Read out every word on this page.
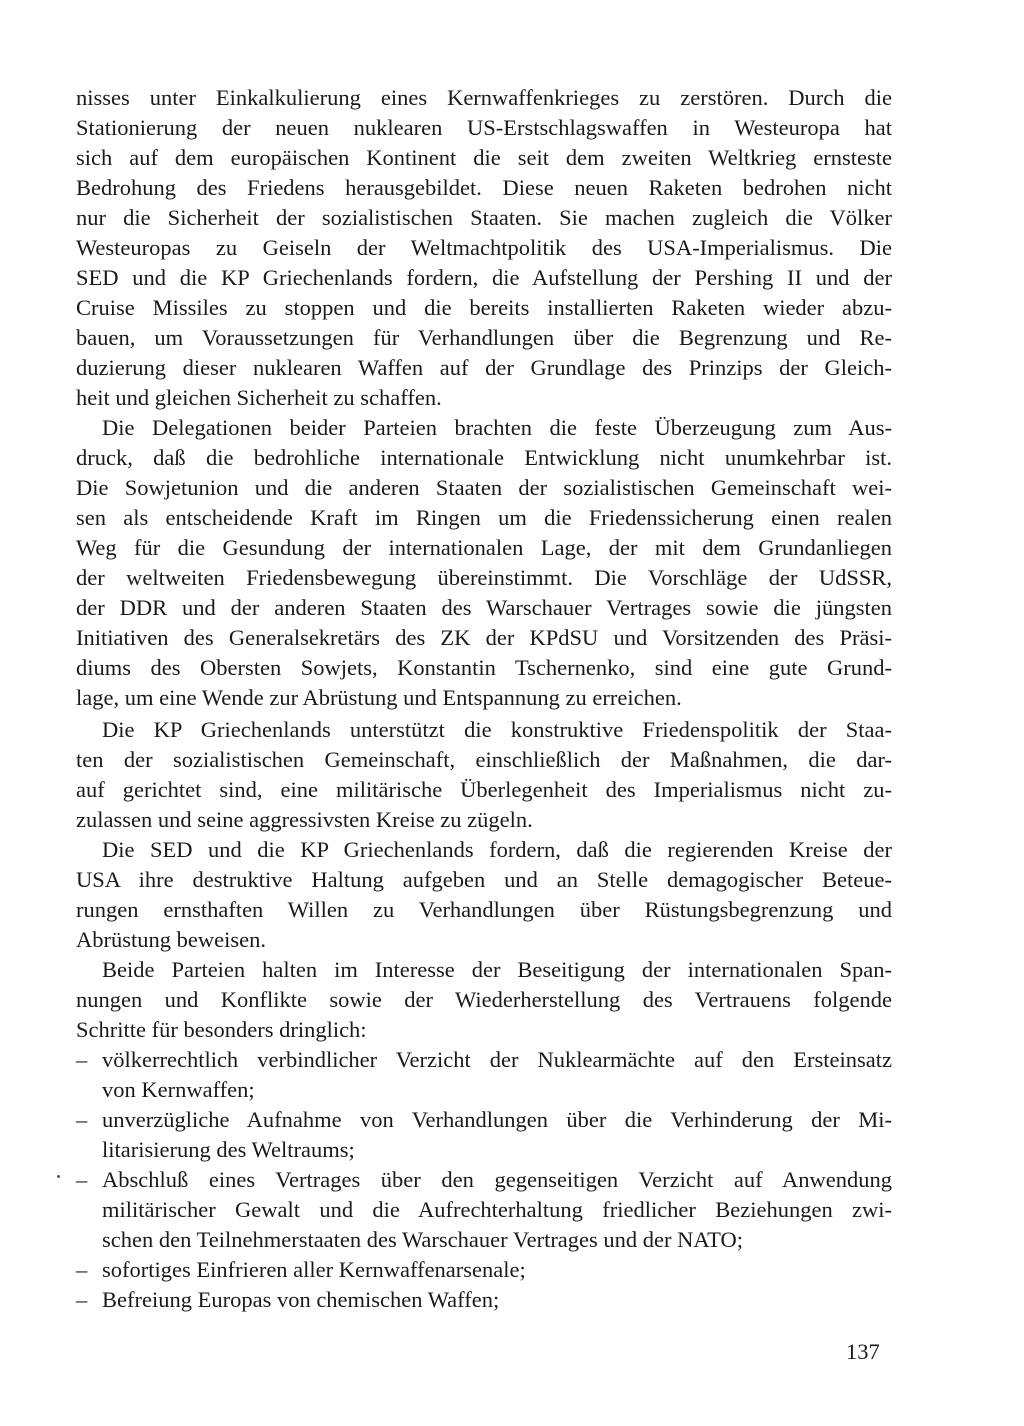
nisses unter Einkalkulierung eines Kernwaffenkrieges zu zerstören. Durch die
Stationierung der neuen nuklearen US-Erstschlagswaffen in Westeuropa hat
sich auf dem europäischen Kontinent die seit dem zweiten Weltkrieg ernsteste
Bedrohung des Friedens herausgebildet. Diese neuen Raketen bedrohen nicht
nur die Sicherheit der sozialistischen Staaten. Sie machen zugleich die Völker
Westeuropas zu Geiseln der Weltmachtpolitik des USA-Imperialismus. Die
SED und die KP Griechenlands fordern, die Aufstellung der Pershing II und der
Cruise Missiles zu stoppen und die bereits installierten Raketen wieder abzu-
bauen, um Voraussetzungen für Verhandlungen über die Begrenzung und Re-
duzierung dieser nuklearen Waffen auf der Grundlage des Prinzips der Gleich-
heit und gleichen Sicherheit zu schaffen.
Die Delegationen beider Parteien brachten die feste Überzeugung zum Aus-
druck, daß die bedrohliche internationale Entwicklung nicht unumkehrbar ist.
Die Sowjetunion und die anderen Staaten der sozialistischen Gemeinschaft wei-
sen als entscheidende Kraft im Ringen um die Friedenssicherung einen realen
Weg für die Gesundung der internationalen Lage, der mit dem Grundanliegen
der weltweiten Friedensbewegung übereinstimmt. Die Vorschläge der UdSSR,
der DDR und der anderen Staaten des Warschauer Vertrages sowie die jüngsten
Initiativen des Generalsekretärs des ZK der KPdSU und Vorsitzenden des Präsi-
diums des Obersten Sowjets, Konstantin Tschernenko, sind eine gute Grund-
lage, um eine Wende zur Abrüstung und Entspannung zu erreichen.
Die KP Griechenlands unterstützt die konstruktive Friedenspolitik der Staa-
ten der sozialistischen Gemeinschaft, einschließlich der Maßnahmen, die dar-
auf gerichtet sind, eine militärische Überlegenheit des Imperialismus nicht zu-
zulassen und seine aggressivsten Kreise zu zügeln.
Die SED und die KP Griechenlands fordern, daß die regierenden Kreise der
USA ihre destruktive Haltung aufgeben und an Stelle demagogischer Beteue-
rungen ernsthaften Willen zu Verhandlungen über Rüstungsbegrenzung und
Abrüstung beweisen.
Beide Parteien halten im Interesse der Beseitigung der internationalen Span-
nungen und Konflikte sowie der Wiederherstellung des Vertrauens folgende
Schritte für besonders dringlich:
– völkerrechtlich verbindlicher Verzicht der Nuklearmächte auf den Ersteinsatz
von Kernwaffen;
– unverzügliche Aufnahme von Verhandlungen über die Verhinderung der Mi-
litarisierung des Weltraums;
– Abschluß eines Vertrages über den gegenseitigen Verzicht auf Anwendung
militärischer Gewalt und die Aufrechterhaltung friedlicher Beziehungen zwi-
schen den Teilnehmerstaaten des Warschauer Vertrages und der NATO;
– sofortiges Einfrieren aller Kernwaffenarsenale;
– Befreiung Europas von chemischen Waffen;
137
